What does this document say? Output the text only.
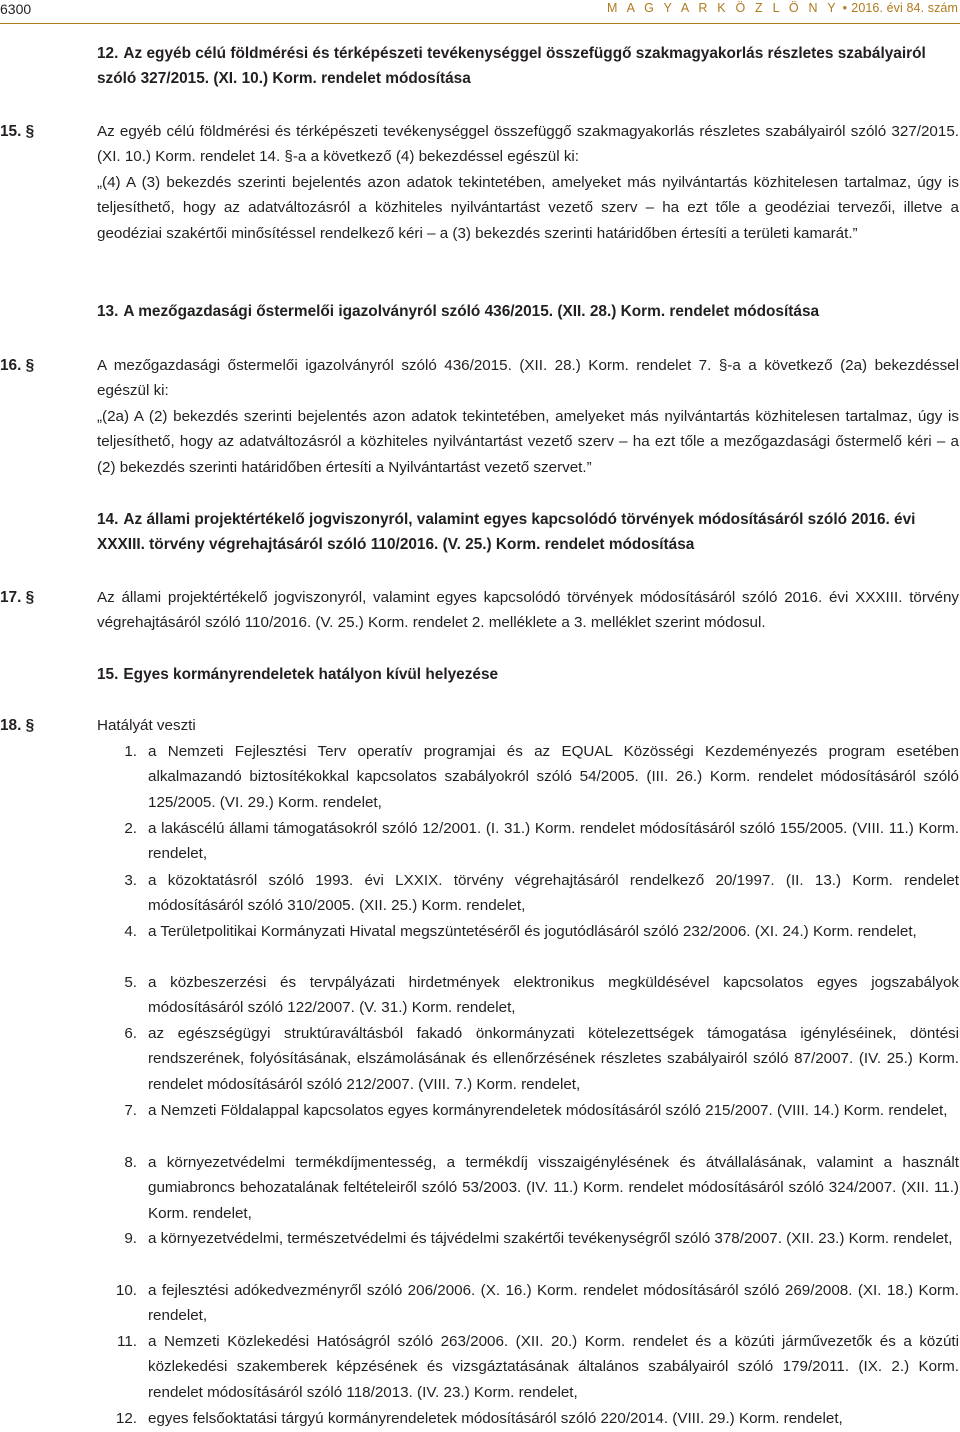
6300	M A G Y A R K Ö Z L Ö N Y • 2016. évi 84. szám
12. Az egyéb célú földmérési és térképészeti tevékenységgel összefüggő szakmagyakorlás részletes szabályairól szóló 327/2015. (XI. 10.) Korm. rendelet módosítása
15. §	Az egyéb célú földmérési és térképészeti tevékenységgel összefüggő szakmagyakorlás részletes szabályairól szóló 327/2015. (XI. 10.) Korm. rendelet 14. §-a a következő (4) bekezdéssel egészül ki:
„(4) A (3) bekezdés szerinti bejelentés azon adatok tekintetében, amelyeket más nyilvántartás közhitelesen tartalmaz, úgy is teljesíthető, hogy az adatváltozásról a közhiteles nyilvántartást vezető szerv – ha ezt tőle a geodéziai tervezői, illetve a geodéziai szakértői minősítéssel rendelkező kéri – a (3) bekezdés szerinti határidőben értesíti a területi kamarát.”
13. A mezőgazdasági őstermelői igazolványról szóló 436/2015. (XII. 28.) Korm. rendelet módosítása
16. §	A mezőgazdasági őstermelői igazolványról szóló 436/2015. (XII. 28.) Korm. rendelet 7. §-a a következő (2a) bekezdéssel egészül ki:
„(2a) A (2) bekezdés szerinti bejelentés azon adatok tekintetében, amelyeket más nyilvántartás közhitelesen tartalmaz, úgy is teljesíthető, hogy az adatváltozásról a közhiteles nyilvántartást vezető szerv – ha ezt tőle a mezőgazdasági őstermelő kéri – a (2) bekezdés szerinti határidőben értesíti a Nyilvántartást vezető szervet.”
14. Az állami projektértékelő jogviszonyról, valamint egyes kapcsolódó törvények módosításáról szóló 2016. évi XXXIII. törvény végrehajtásáról szóló 110/2016. (V. 25.) Korm. rendelet módosítása
17. §	Az állami projektértékelő jogviszonyról, valamint egyes kapcsolódó törvények módosításáról szóló 2016. évi XXXIII. törvény végrehajtásáról szóló 110/2016. (V. 25.) Korm. rendelet 2. melléklete a 3. melléklet szerint módosul.
15. Egyes kormányrendeletek hatályon kívül helyezése
18. §	Hatályát veszti
1. a Nemzeti Fejlesztési Terv operatív programjai és az EQUAL Közösségi Kezdeményezés program esetében alkalmazandó biztosítékokkal kapcsolatos szabályokról szóló 54/2005. (III. 26.) Korm. rendelet módosításáról szóló 125/2005. (VI. 29.) Korm. rendelet,
2. a lakáscélú állami támogatásokról szóló 12/2001. (I. 31.) Korm. rendelet módosításáról szóló 155/2005. (VIII. 11.) Korm. rendelet,
3. a közoktatásról szóló 1993. évi LXXIX. törvény végrehajtásáról rendelkező 20/1997. (II. 13.) Korm. rendelet módosításáról szóló 310/2005. (XII. 25.) Korm. rendelet,
4. a Területpolitikai Kormányzati Hivatal megszüntetéséről és jogutódlásáról szóló 232/2006. (XI. 24.) Korm. rendelet,
5. a közbeszerzési és tervpályázati hirdetmények elektronikus megküldésével kapcsolatos egyes jogszabályok módosításáról szóló 122/2007. (V. 31.) Korm. rendelet,
6. az egészségügyi struktúraváltásból fakadó önkormányzati kötelezettségek támogatása igényléséinek, döntési rendszerének, folyósításának, elszámolásának és ellenőrzésének részletes szabályairól szóló 87/2007. (IV. 25.) Korm. rendelet módosításáról szóló 212/2007. (VIII. 7.) Korm. rendelet,
7. a Nemzeti Földalappal kapcsolatos egyes kormányrendeletek módosításáról szóló 215/2007. (VIII. 14.) Korm. rendelet,
8. a környezetvédelmi termékdíjmentesség, a termékdíj visszaigénylésének és átvállalásának, valamint a használt gumiabroncs behozatalának feltételeiről szóló 53/2003. (IV. 11.) Korm. rendelet módosításáról szóló 324/2007. (XII. 11.) Korm. rendelet,
9. a környezetvédelmi, természetvédelmi és tájvédelmi szakértői tevékenységről szóló 378/2007. (XII. 23.) Korm. rendelet,
10. a fejlesztési adókedvezményről szóló 206/2006. (X. 16.) Korm. rendelet módosításáról szóló 269/2008. (XI. 18.) Korm. rendelet,
11. a Nemzeti Közlekedési Hatóságról szóló 263/2006. (XII. 20.) Korm. rendelet és a közúti járművezetők és a közúti közlekedési szakemberek képzésének és vizsgáztatásának általános szabályairól szóló 179/2011. (IX. 2.) Korm. rendelet módosításáról szóló 118/2013. (IV. 23.) Korm. rendelet,
12. egyes felsőoktatási tárgyú kormányrendeletek módosításáról szóló 220/2014. (VIII. 29.) Korm. rendelet,
